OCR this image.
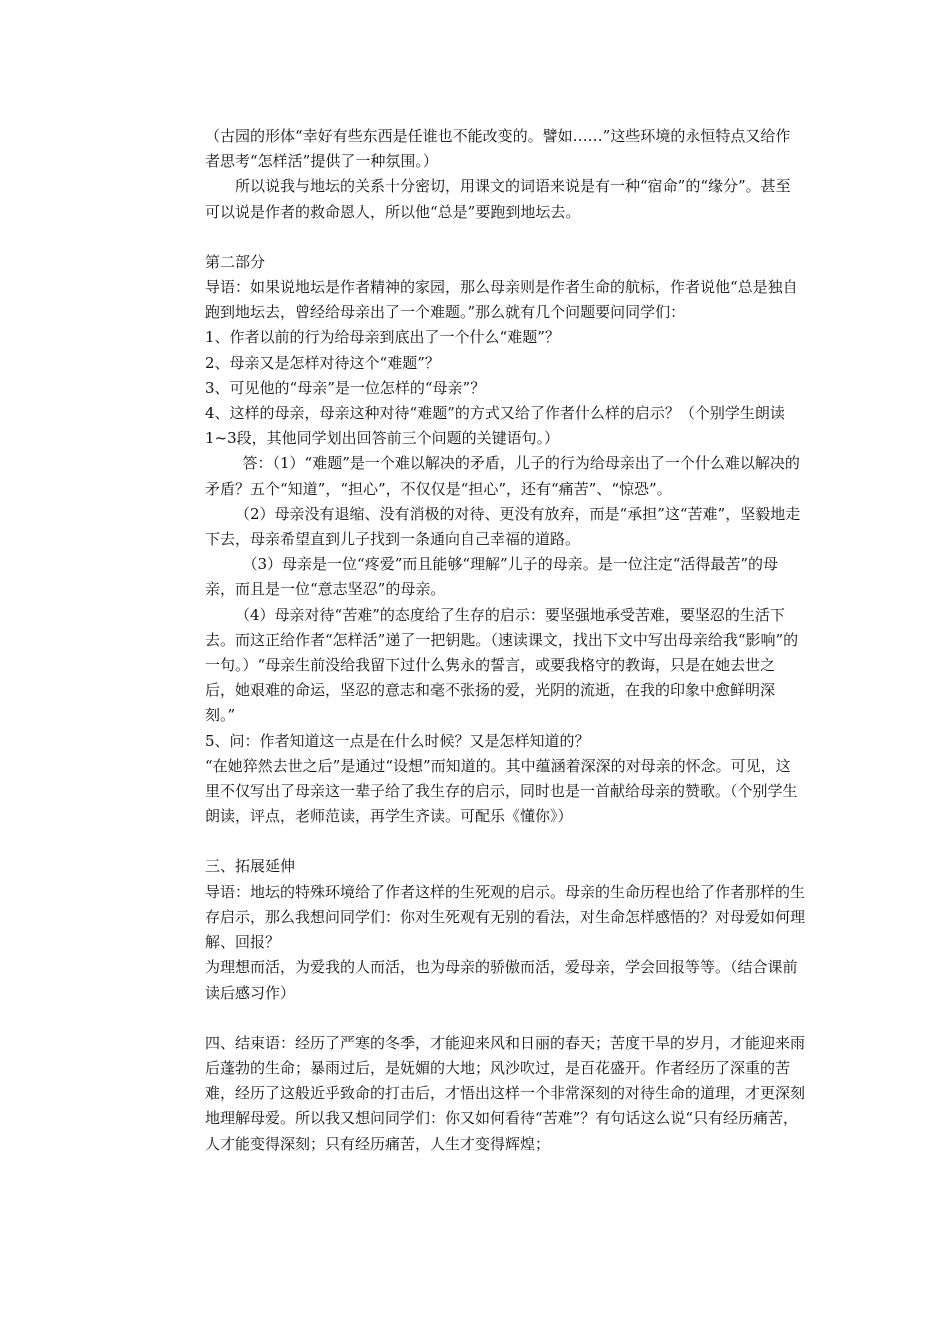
（古园的形体“幸好有些东西是任谁也不能改变的。譬如……”这些环境的永恒特点又给作者思考“怎样活”提供了一种氛围。）

所以说我与地坛的关系十分密切，用课文的词语来说是有一种“宿命”的“缘分”。甚至可以说是作者的救命恩人，所以他“总是”要跑到地坛去。

第二部分

导语：如果说地坛是作者精神的家园，那么母亲则是作者生命的航标，作者说他“总是独自跑到地坛去，曾经给母亲出了一个难题。”那么就有几个问题要问同学们：

1、作者以前的行为给母亲到底出了一个什么“难题”？

2、母亲又是怎样对待这个“难题”？

3、可见他的“母亲”是一位怎样的“母亲”？

4、这样的母亲，母亲这种对待“难题”的方式又给了作者什么样的启示？（个别学生朗读1~3段，其他同学划出回答前三个问题的关键语句。）

答：（1）“难题”是一个难以解决的矛盾，儿子的行为给母亲出了一个什么难以解决的矛盾？五个“知道”，“担心”，不仅仅是“担心”，还有“痛苦”、“惊恐”。

（2）母亲没有退缩、没有消极的对待、更没有放弃，而是“承担”这“苦难”，坚毅地走下去，母亲希望直到儿子找到一条通向自己幸福的道路。

（3）母亲是一位“疼爱”而且能够“理解”儿子的母亲。是一位注定“活得最苦”的母亲，而且是一位“意志坚忍”的母亲。

（4）母亲对待“苦难”的态度给了生存的启示：要坚强地承受苦难，要坚忍的生活下去。而这正给作者“怎样活”递了一把钥匙。（速读课文，找出下文中写出母亲给我“影响”的一句。）“母亲生前没给我留下过什么隽永的誓言，或要我格守的教诲，只是在她去世之后，她艰难的命运，坚忍的意志和毫不张扬的爱，光阴的流逝，在我的印象中愈鲜明深刻。”

5、问：作者知道这一点是在什么时候？又是怎样知道的？

“在她猝然去世之后”是通过“设想”而知道的。其中蕴涵着深深的对母亲的怀念。可见，这里不仅写出了母亲这一辈子给了我生存的启示，同时也是一首献给母亲的赞歌。（个别学生朗读，评点，老师范读，再学生齐读。可配乐《懂你》）

三、拓展延伸

导语：地坛的特殊环境给了作者这样的生死观的启示。母亲的生命历程也给了作者那样的生存启示，那么我想问同学们：你对生死观有无别的看法，对生命怎样感悟的？对母爱如何理解、回报？

为理想而活，为爱我的人而活，也为母亲的骄傲而活，爱母亲，学会回报等等。（结合课前读后感习作）

四、结束语：经历了严寒的冬季，才能迎来风和日丽的春天；苦度干旱的岁月，才能迎来雨后蓬勃的生命；暴雨过后，是妩媚的大地；风沙吹过，是百花盛开。作者经历了深重的苦难，经历了这般近乎致命的打击后，才悟出这样一个非常深刻的对待生命的道理，才更深刻地理解母爱。所以我又想问同学们：你又如何看待“苦难”？有句话这么说“只有经历痛苦，人才能变得深刻；只有经历痛苦，人生才变得辉煌；
